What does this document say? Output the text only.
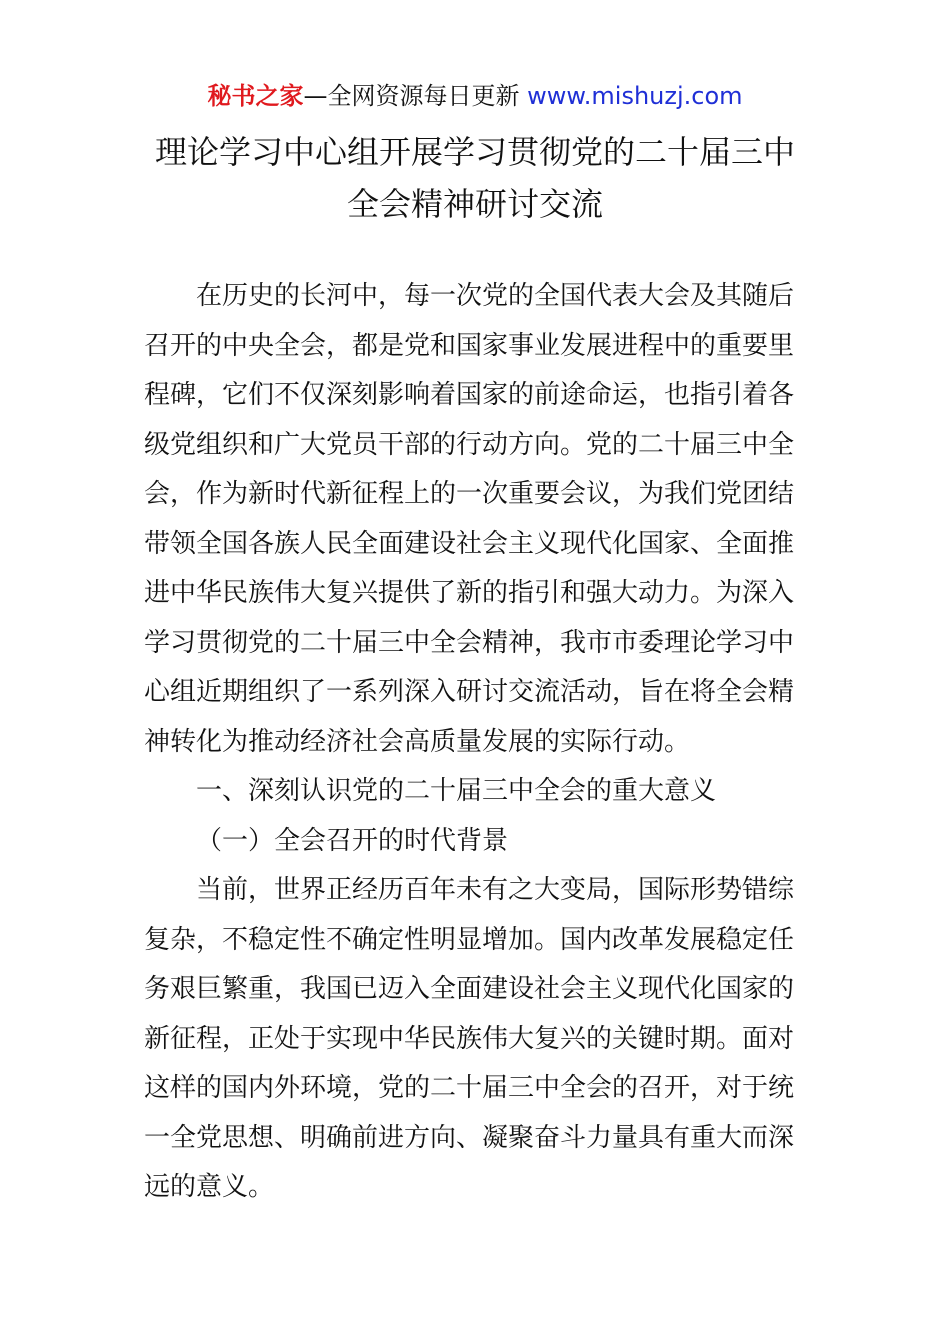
秘书之家—全网资源每日更新 www.mishuzj.com
理论学习中心组开展学习贯彻党的二十届三中
全会精神研讨交流
在历史的长河中，每一次党的全国代表大会及其随后
召开的中央全会，都是党和国家事业发展进程中的重要里
程碑，它们不仅深刻影响着国家的前途命运，也指引着各
级党组织和广大党员干部的行动方向。党的二十届三中全
会，作为新时代新征程上的一次重要会议，为我们党团结
带领全国各族人民全面建设社会主义现代化国家、全面推
进中华民族伟大复兴提供了新的指引和强大动力。为深入
学习贯彻党的二十届三中全会精神，我市市委理论学习中
心组近期组织了一系列深入研讨交流活动，旨在将全会精
神转化为推动经济社会高质量发展的实际行动。
一、深刻认识党的二十届三中全会的重大意义
（一）全会召开的时代背景
当前，世界正经历百年未有之大变局，国际形势错综
复杂，不稳定性不确定性明显增加。国内改革发展稳定任
务艰巨繁重，我国已迈入全面建设社会主义现代化国家的
新征程，正处于实现中华民族伟大复兴的关键时期。面对
这样的国内外环境，党的二十届三中全会的召开，对于统
一全党思想、明确前进方向、凝聚奋斗力量具有重大而深
远的意义。
